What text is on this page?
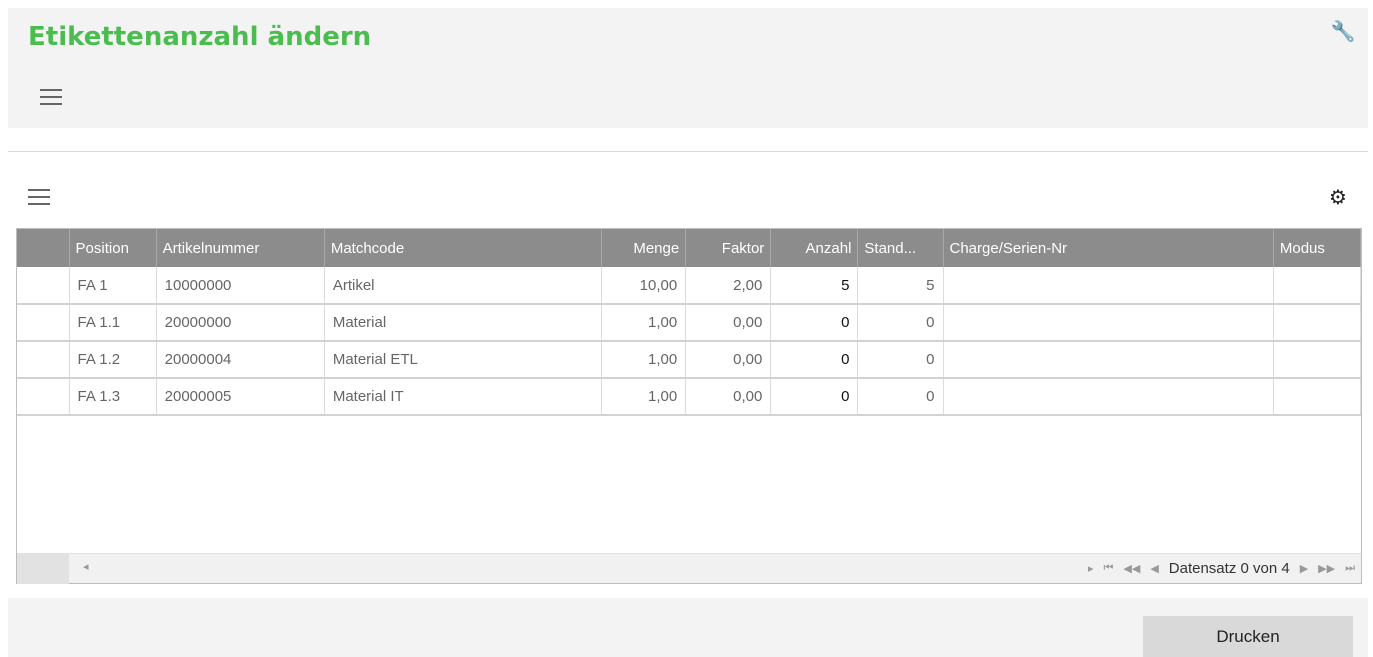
Etikettenanzahl ändern	🔧
⚙
	Position	Artikelnummer	Matchcode	Menge	Faktor	Anzahl	Stand...	Charge/Serien-Nr	Modus
	FA 1	10000000	Artikel	10,00	2,00	5	5		
	FA 1.1	20000000	Material	1,00	0,00	0	0		
	FA 1.2	20000004	Material ETL	1,00	0,00	0	0		
	FA 1.3	20000005	Material IT	1,00	0,00	0	0		
◂	▸ ⏮ ◀◀ ◀ Datensatz 0 von 4 ▶ ▶▶ ⏭
Drucken
